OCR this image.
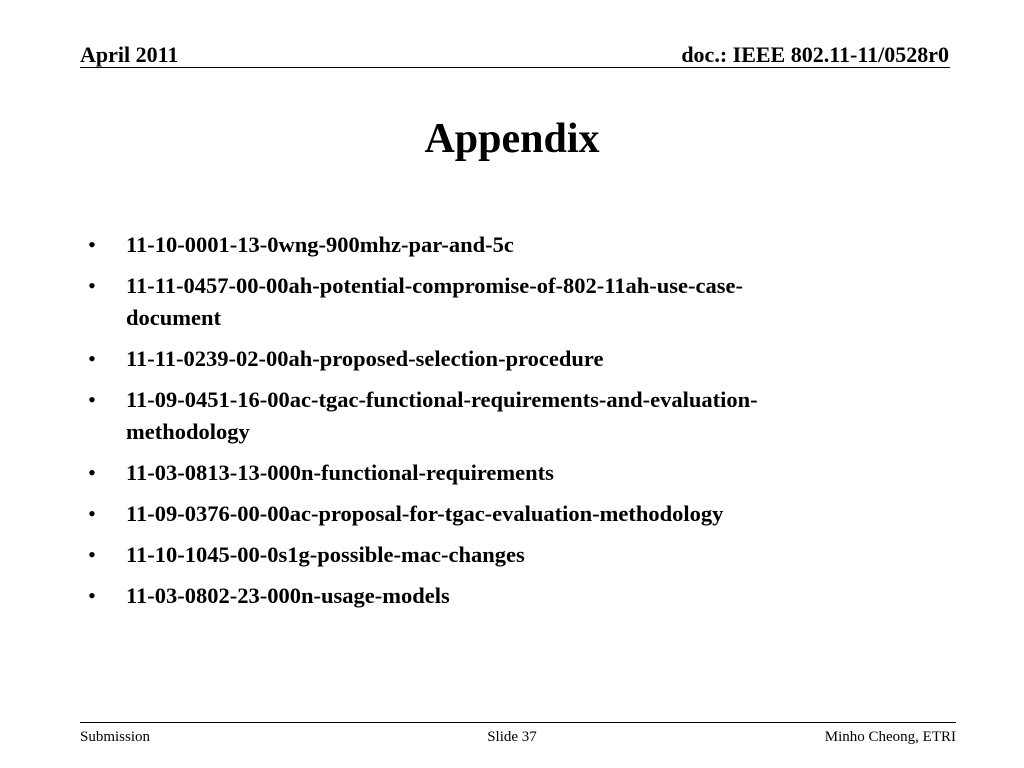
April 2011	doc.: IEEE 802.11-11/0528r0
Appendix
• 11-10-0001-13-0wng-900mhz-par-and-5c
• 11-11-0457-00-00ah-potential-compromise-of-802-11ah-use-case-
document
• 11-11-0239-02-00ah-proposed-selection-procedure
• 11-09-0451-16-00ac-tgac-functional-requirements-and-evaluation-
methodology
• 11-03-0813-13-000n-functional-requirements
• 11-09-0376-00-00ac-proposal-for-tgac-evaluation-methodology
• 11-10-1045-00-0s1g-possible-mac-changes
• 11-03-0802-23-000n-usage-models
Submission	Slide 37	Minho Cheong, ETRI
